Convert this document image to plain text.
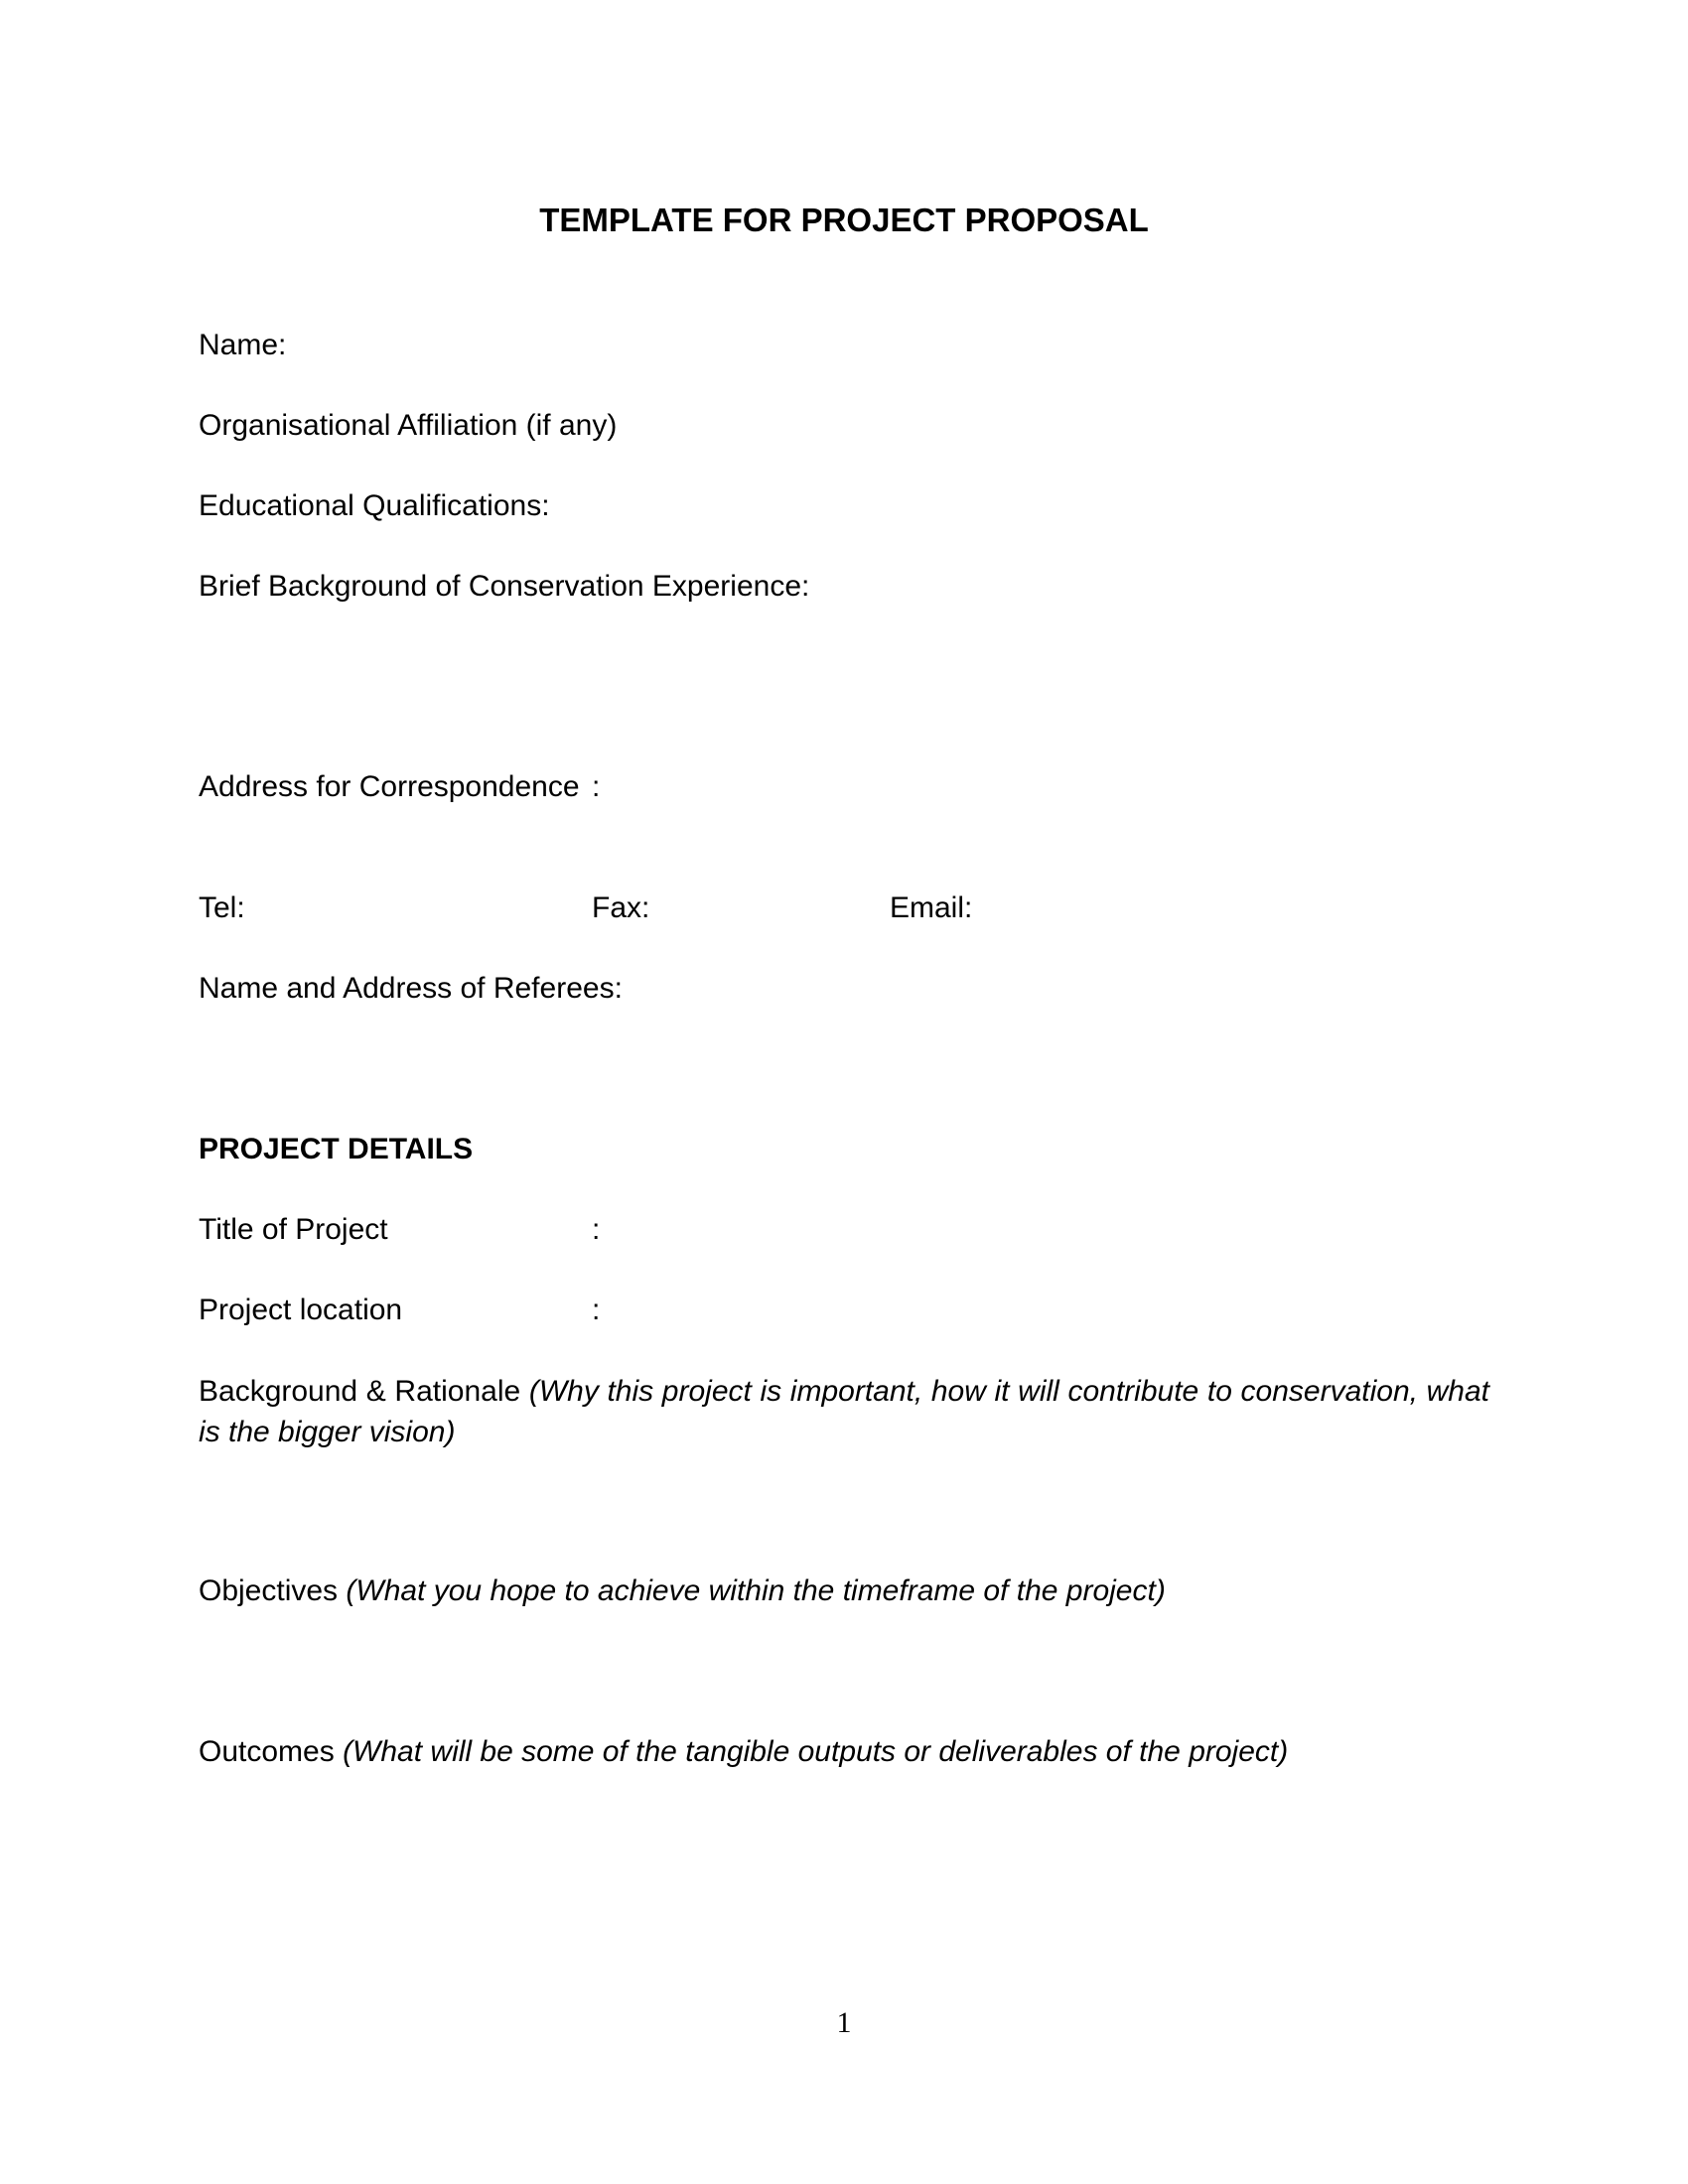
TEMPLATE FOR PROJECT PROPOSAL
Name:
Organisational Affiliation (if any)
Educational Qualifications:
Brief Background of Conservation Experience:
Address for Correspondence :
Tel:	Fax:	Email:
Name and Address of Referees:
PROJECT DETAILS
Title of Project	:
Project location	:
Background & Rationale (Why this project is important, how it will contribute to conservation, what is the bigger vision)
Objectives (What you hope to achieve within the timeframe of the project)
Outcomes (What will be some of the tangible outputs or deliverables of the project)
1
